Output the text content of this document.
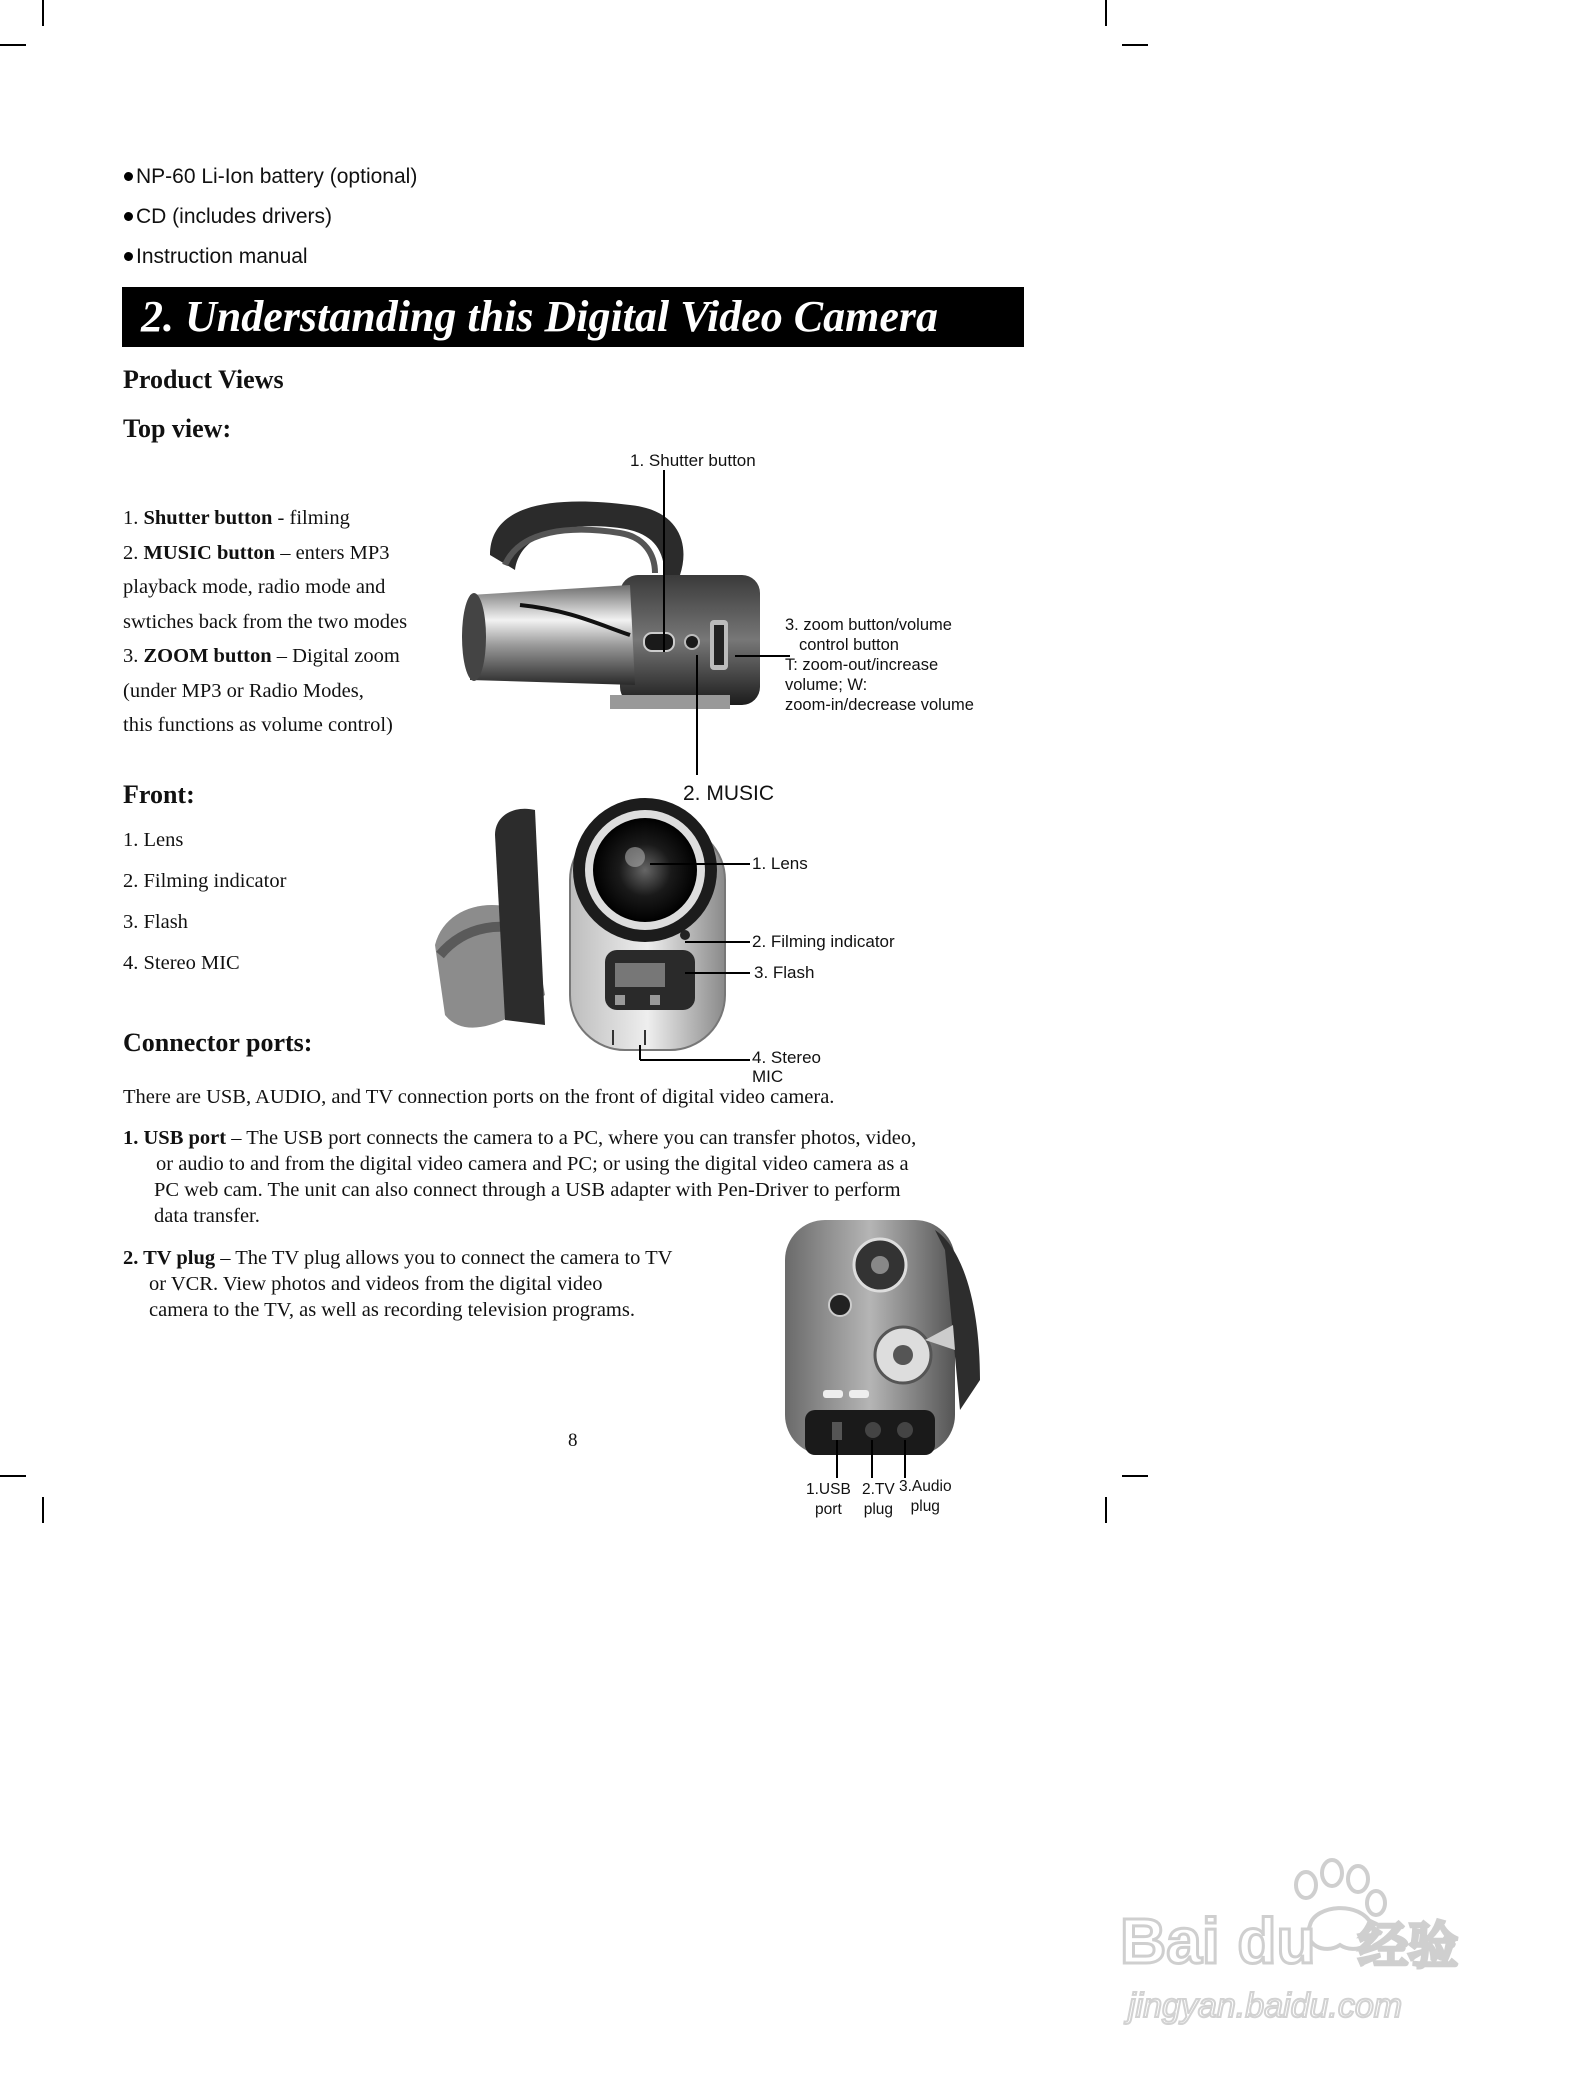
NP-60 Li-Ion battery (optional)
CD (includes drivers)
Instruction manual
2. Understanding this Digital Video Camera
Product Views
Top view:
1. Shutter button - filming
2. MUSIC button – enters MP3
playback mode, radio mode and
swtiches back from the two modes
3. ZOOM button – Digital zoom
(under MP3 or Radio Modes,
this functions as volume control)
1. Shutter button
3. zoom button/volume
control button
T: zoom-out/increase
volume; W:
zoom-in/decrease volume
2. MUSIC
Front:
1. Lens
2. Filming indicator
3. Flash
4. Stereo MIC
1. Lens
2. Filming indicator
3. Flash
4. Stereo
MIC
Connector ports:
There are USB, AUDIO, and TV connection ports on the front of digital video camera.
1. USB port – The USB port connects the camera to a PC, where you can transfer photos, video,
or audio to and from the digital video camera and PC; or using the digital video camera as a
PC web cam. The unit can also connect through a USB adapter with Pen-Driver to perform
data transfer.
2. TV plug – The TV plug allows you to connect the camera to TV
or VCR. View photos and videos from the digital video
camera to the TV, as well as recording television programs.
1.USB
port
2.TV
plug
3.Audio
plug
8
Bai du 经验
jingyan.baidu.com
